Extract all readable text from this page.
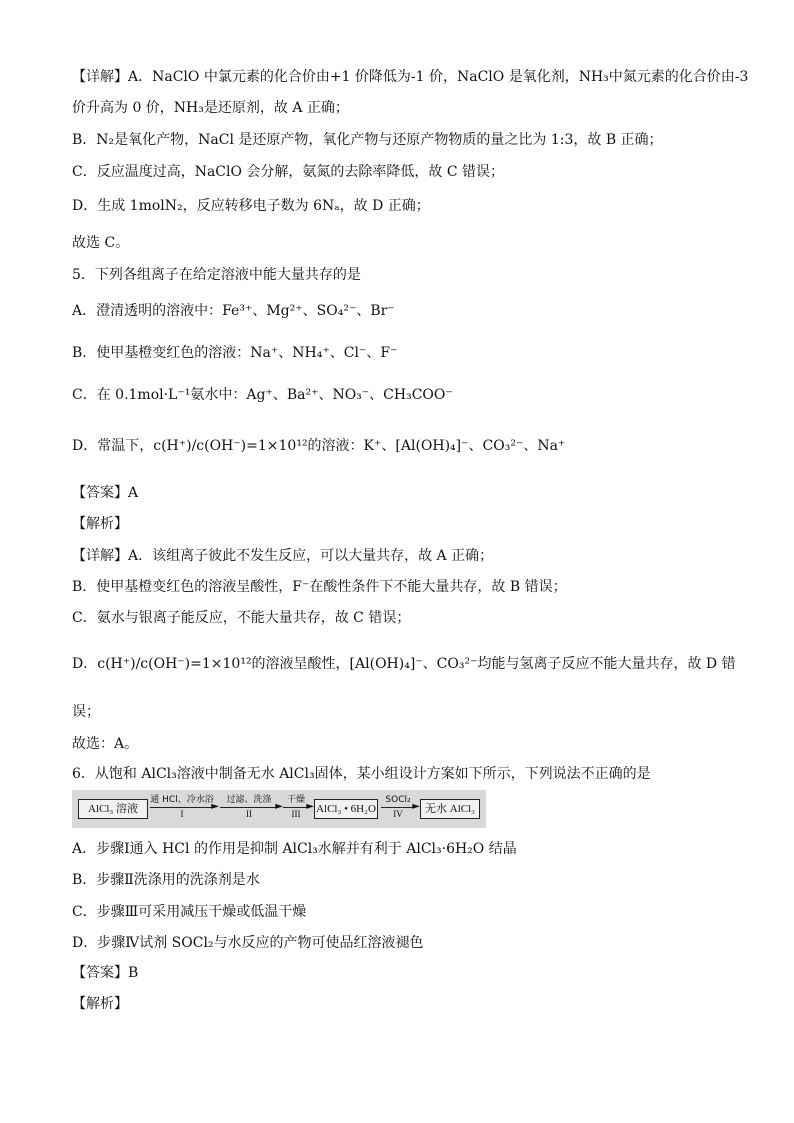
【详解】A．NaClO 中氯元素的化合价由+1 价降低为-1 价，NaClO 是氧化剂，NH₃中氮元素的化合价由-3
价升高为 0 价，NH₃是还原剂，故 A 正确；
B．N₂是氧化产物，NaCl 是还原产物，氧化产物与还原产物物质的量之比为 1:3，故 B 正确；
C．反应温度过高，NaClO 会分解，氨氮的去除率降低，故 C 错误；
D．生成 1molN₂，反应转移电子数为 6Nₐ，故 D 正确；
故选 C。
5．下列各组离子在给定溶液中能大量共存的是
A．澄清透明的溶液中：Fe³⁺、Mg²⁺、SO₄²⁻、Br⁻
B．使甲基橙变红色的溶液：Na⁺、NH₄⁺、Cl⁻、F⁻
C．在 0.1mol·L⁻¹氨水中：Ag⁺、Ba²⁺、NO₃⁻、CH₃COO⁻
D．常温下，c(H⁺)/c(OH⁻)=1×10¹²的溶液：K⁺、[Al(OH)₄]⁻、CO₃²⁻、Na⁺
【答案】A
【解析】
【详解】A．该组离子彼此不发生反应，可以大量共存，故 A 正确；
B．使甲基橙变红色的溶液呈酸性，F⁻在酸性条件下不能大量共存，故 B 错误；
C．氨水与银离子能反应，不能大量共存，故 C 错误；
D．c(H⁺)/c(OH⁻)=1×10¹²的溶液呈酸性，[Al(OH)₄]⁻、CO₃²⁻均能与氢离子反应不能大量共存，故 D 错
误；
故选：A。
6．从饱和 AlCl₃溶液中制备无水 AlCl₃固体，某小组设计方案如下所示，下列说法不正确的是
AlCl₃ 溶液
通 HCl、冷水浴
►
I
过滤、洗涤
►
II
干燥
►
III	AlCl₃ • 6H₂O
SOCl₂
►
IV	无水 AlCl₃
A．步骤Ⅰ通入 HCl 的作用是抑制 AlCl₃水解并有利于 AlCl₃·6H₂O 结晶
B．步骤Ⅱ洗涤用的洗涤剂是水
C．步骤Ⅲ可采用减压干燥或低温干燥
D．步骤Ⅳ试剂 SOCl₂与水反应的产物可使品红溶液褪色
【答案】B
【解析】
